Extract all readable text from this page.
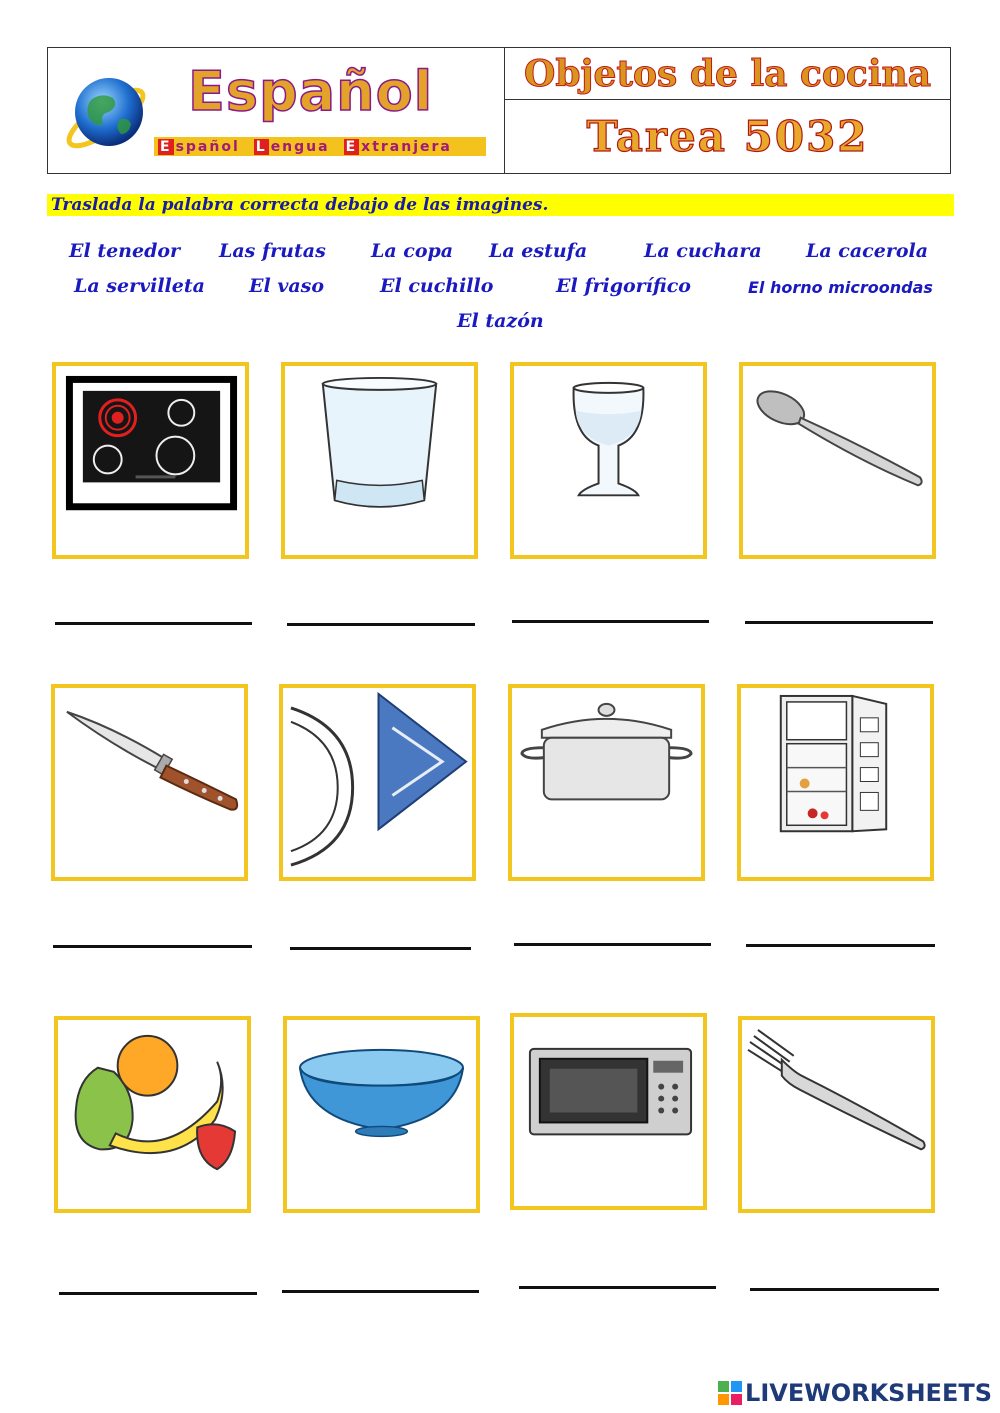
Objetos de la cocina
Tarea 5032
Español
E spañol L engua E xtranjera
Traslada la palabra correcta debajo de las imagines.
El tenedor Las frutas La copa La estufa	La cuchara La cacerola
La servilleta El vaso	El cuchillo	El frigorífico	El horno microondas
El tazón
LIVEWORKSHEETS
